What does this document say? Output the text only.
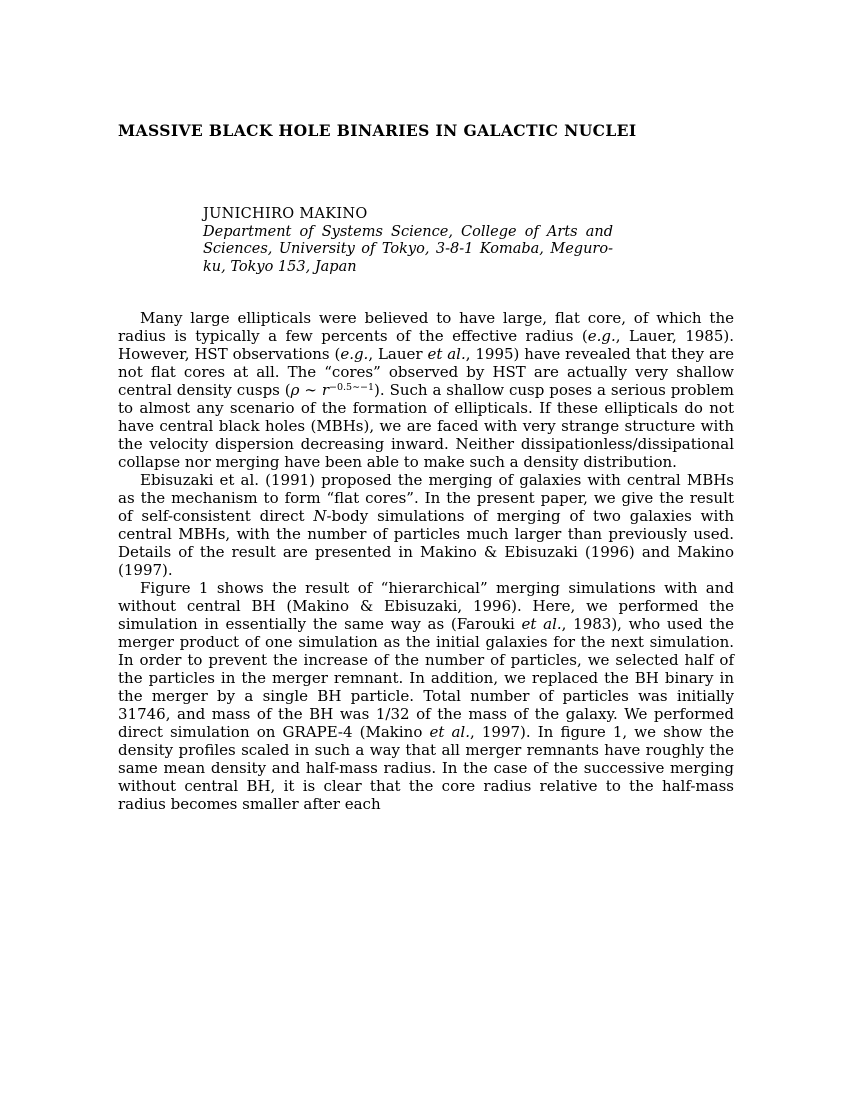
MASSIVE BLACK HOLE BINARIES IN GALACTIC NUCLEI
JUNICHIRO MAKINO
Department of Systems Science, College of Arts and Sciences, University of Tokyo, 3-8-1 Komaba, Meguro-ku, Tokyo 153, Japan

Many large ellipticals were believed to have large, flat core, of which the radius is typically a few percents of the effective radius (e.g., Lauer, 1985). However, HST observations (e.g., Lauer et al., 1995) have revealed that they are not flat cores at all. The “cores” observed by HST are actually very shallow central density cusps (ρ ∼ $r^{-0.5\sim-1}$). Such a shallow cusp poses a serious problem to almost any scenario of the formation of ellipticals. If these ellipticals do not have central black holes (MBHs), we are faced with very strange structure with the velocity dispersion decreasing inward. Neither dissipationless/dissipational collapse nor merging have been able to make such a density distribution.

Ebisuzaki et al. (1991) proposed the merging of galaxies with central MBHs as the mechanism to form “flat cores”. In the present paper, we give the result of self-consistent direct N-body simulations of merging of two galaxies with central MBHs, with the number of particles much larger than previously used. Details of the result are presented in Makino & Ebisuzaki (1996) and Makino (1997).

Figure 1 shows the result of “hierarchical” merging simulations with and without central BH (Makino & Ebisuzaki, 1996). Here, we performed the simulation in essentially the same way as (Farouki et al., 1983), who used the merger product of one simulation as the initial galaxies for the next simulation. In order to prevent the increase of the number of particles, we selected half of the particles in the merger remnant. In addition, we replaced the BH binary in the merger by a single BH particle. Total number of particles was initially 31746, and mass of the BH was 1/32 of the mass of the galaxy. We performed direct simulation on GRAPE-4 (Makino et al., 1997). In figure 1, we show the density profiles scaled in such a way that all merger remnants have roughly the same mean density and half-mass radius. In the case of the successive merging without central BH, it is clear that the core radius relative to the half-mass radius becomes smaller after each
